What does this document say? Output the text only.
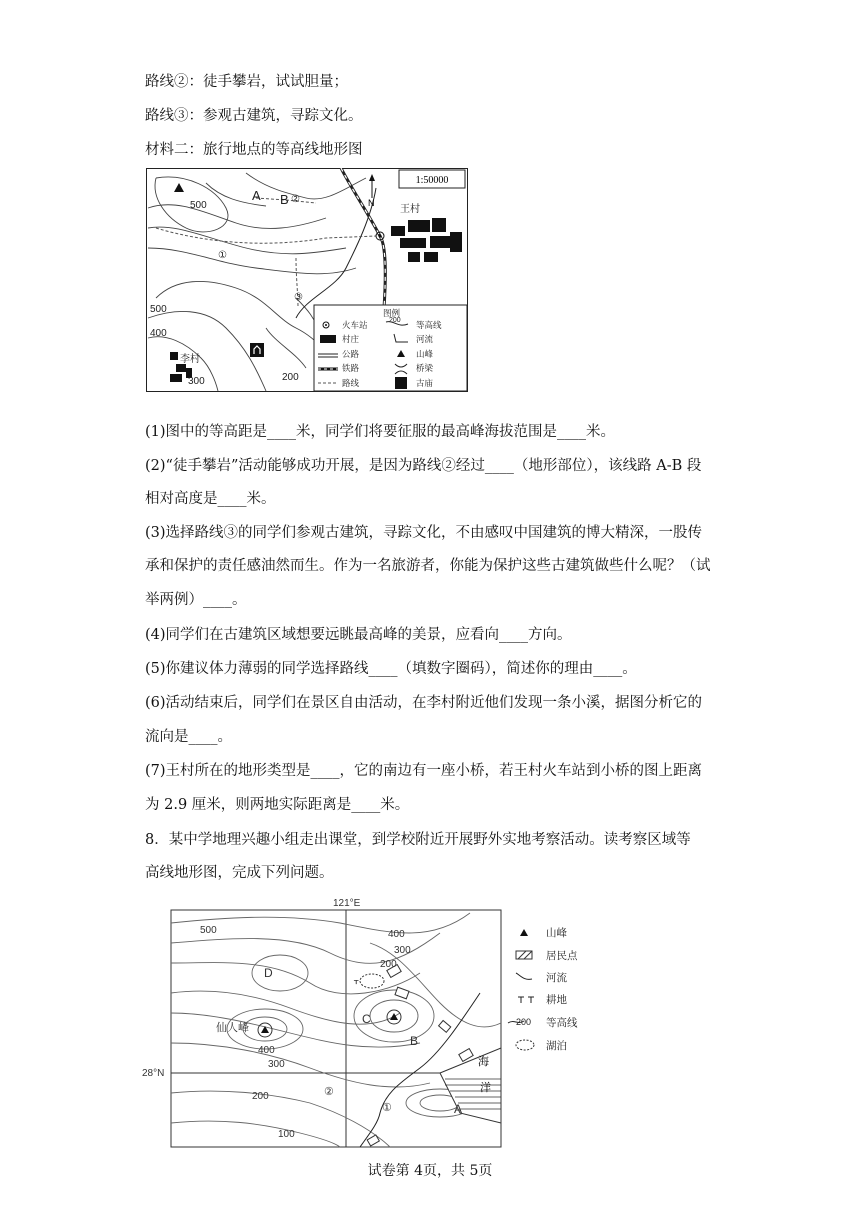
路线②：徒手攀岩，试试胆量；
路线③：参观古建筑，寻踪文化。
材料二：旅行地点的等高线地形图
1:50000
N
王村
李村
500
500
400
300	200
A B ②
①
③
图例
火车站	200 等高线
村庄	河流
公路	山峰
铁路	桥梁
路线	古庙
(1)图中的等高距是____米，同学们将要征服的最高峰海拔范围是____米。
(2)“徒手攀岩”活动能够成功开展，是因为路线②经过____（地形部位），该线路 A-B 段
相对高度是____米。
(3)选择路线③的同学们参观古建筑，寻踪文化，不由感叹中国建筑的博大精深，一股传
承和保护的责任感油然而生。作为一名旅游者，你能为保护这些古建筑做些什么呢？（试
举两例）____。
(4)同学们在古建筑区域想要远眺最高峰的美景，应看向____方向。
(5)你建议体力薄弱的同学选择路线____（填数字圈码），简述你的理由____。
(6)活动结束后，同学们在景区自由活动，在李村附近他们发现一条小溪，据图分析它的
流向是____。
(7)王村所在的地形类型是____，它的南边有一座小桥，若王村火车站到小桥的图上距离
为 2.9 厘米，则两地实际距离是____米。
8．某中学地理兴趣小组走出课堂，到学校附近开展野外实地考察活动。读考察区域等
高线地形图，完成下列问题。
121°E
28°N
海
洋
ᚁ
500	400
300
200
400
300
200
100
D
C
B
A
仙人峰
②
①
山峰
居民点
河流
耕地
200 等高线
湖泊
试卷第 4页，共 5页
